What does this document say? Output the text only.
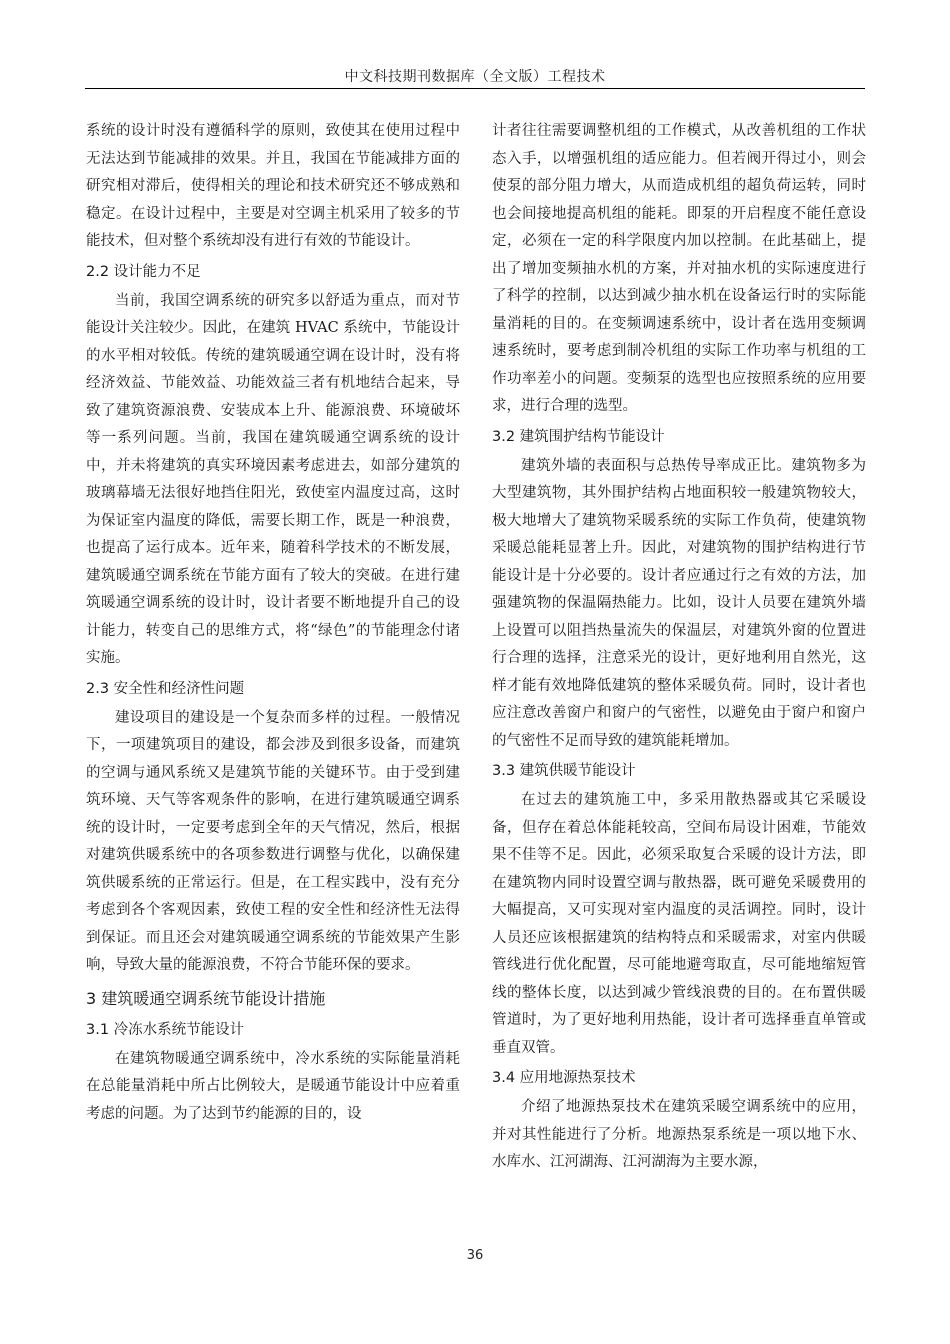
中文科技期刊数据库（全文版）工程技术

系统的设计时没有遵循科学的原则，致使其在使用过程中无法达到节能减排的效果。并且，我国在节能减排方面的研究相对滞后，使得相关的理论和技术研究还不够成熟和稳定。在设计过程中，主要是对空调主机采用了较多的节能技术，但对整个系统却没有进行有效的节能设计。

2.2 设计能力不足

当前，我国空调系统的研究多以舒适为重点，而对节能设计关注较少。因此，在建筑 HVAC 系统中，节能设计的水平相对较低。传统的建筑暖通空调在设计时，没有将经济效益、节能效益、功能效益三者有机地结合起来，导致了建筑资源浪费、安装成本上升、能源浪费、环境破坏等一系列问题。当前，我国在建筑暖通空调系统的设计中，并未将建筑的真实环境因素考虑进去，如部分建筑的玻璃幕墙无法很好地挡住阳光，致使室内温度过高，这时为保证室内温度的降低，需要长期工作，既是一种浪费，也提高了运行成本。近年来，随着科学技术的不断发展，建筑暖通空调系统在节能方面有了较大的突破。在进行建筑暖通空调系统的设计时，设计者要不断地提升自己的设计能力，转变自己的思维方式，将“绿色”的节能理念付诸实施。

2.3 安全性和经济性问题

建设项目的建设是一个复杂而多样的过程。一般情况下，一项建筑项目的建设，都会涉及到很多设备，而建筑的空调与通风系统又是建筑节能的关键环节。由于受到建筑环境、天气等客观条件的影响，在进行建筑暖通空调系统的设计时，一定要考虑到全年的天气情况，然后，根据对建筑供暖系统中的各项参数进行调整与优化，以确保建筑供暖系统的正常运行。但是，在工程实践中，没有充分考虑到各个客观因素，致使工程的安全性和经济性无法得到保证。而且还会对建筑暖通空调系统的节能效果产生影响，导致大量的能源浪费，不符合节能环保的要求。

3 建筑暖通空调系统节能设计措施
3.1 冷冻水系统节能设计

在建筑物暖通空调系统中，冷水系统的实际能量消耗在总能量消耗中所占比例较大，是暖通节能设计中应着重考虑的问题。为了达到节约能源的目的，设

计者往往需要调整机组的工作模式，从改善机组的工作状态入手，以增强机组的适应能力。但若阀开得过小，则会使泵的部分阻力增大，从而造成机组的超负荷运转，同时也会间接地提高机组的能耗。即泵的开启程度不能任意设定，必须在一定的科学限度内加以控制。在此基础上，提出了增加变频抽水机的方案，并对抽水机的实际速度进行了科学的控制，以达到减少抽水机在设备运行时的实际能量消耗的目的。在变频调速系统中，设计者在选用变频调速系统时，要考虑到制冷机组的实际工作功率与机组的工作功率差小的问题。变频泵的选型也应按照系统的应用要求，进行合理的选型。

3.2 建筑围护结构节能设计

建筑外墙的表面积与总热传导率成正比。建筑物多为大型建筑物，其外围护结构占地面积较一般建筑物较大，极大地增大了建筑物采暖系统的实际工作负荷，使建筑物采暖总能耗显著上升。因此，对建筑物的围护结构进行节能设计是十分必要的。设计者应通过行之有效的方法，加强建筑物的保温隔热能力。比如，设计人员要在建筑外墙上设置可以阻挡热量流失的保温层，对建筑外窗的位置进行合理的选择，注意采光的设计，更好地利用自然光，这样才能有效地降低建筑的整体采暖负荷。同时，设计者也应注意改善窗户和窗户的气密性，以避免由于窗户和窗户的气密性不足而导致的建筑能耗增加。

3.3 建筑供暖节能设计

在过去的建筑施工中，多采用散热器或其它采暖设备，但存在着总体能耗较高，空间布局设计困难，节能效果不佳等不足。因此，必须采取复合采暖的设计方法，即在建筑物内同时设置空调与散热器，既可避免采暖费用的大幅提高，又可实现对室内温度的灵活调控。同时，设计人员还应该根据建筑的结构特点和采暖需求，对室内供暖管线进行优化配置，尽可能地避弯取直，尽可能地缩短管线的整体长度，以达到减少管线浪费的目的。在布置供暖管道时，为了更好地利用热能，设计者可选择垂直单管或垂直双管。

3.4 应用地源热泵技术

介绍了地源热泵技术在建筑采暖空调系统中的应用，并对其性能进行了分析。地源热泵系统是一项以地下水、水库水、江河湖海、江河湖海为主要水源，

36
